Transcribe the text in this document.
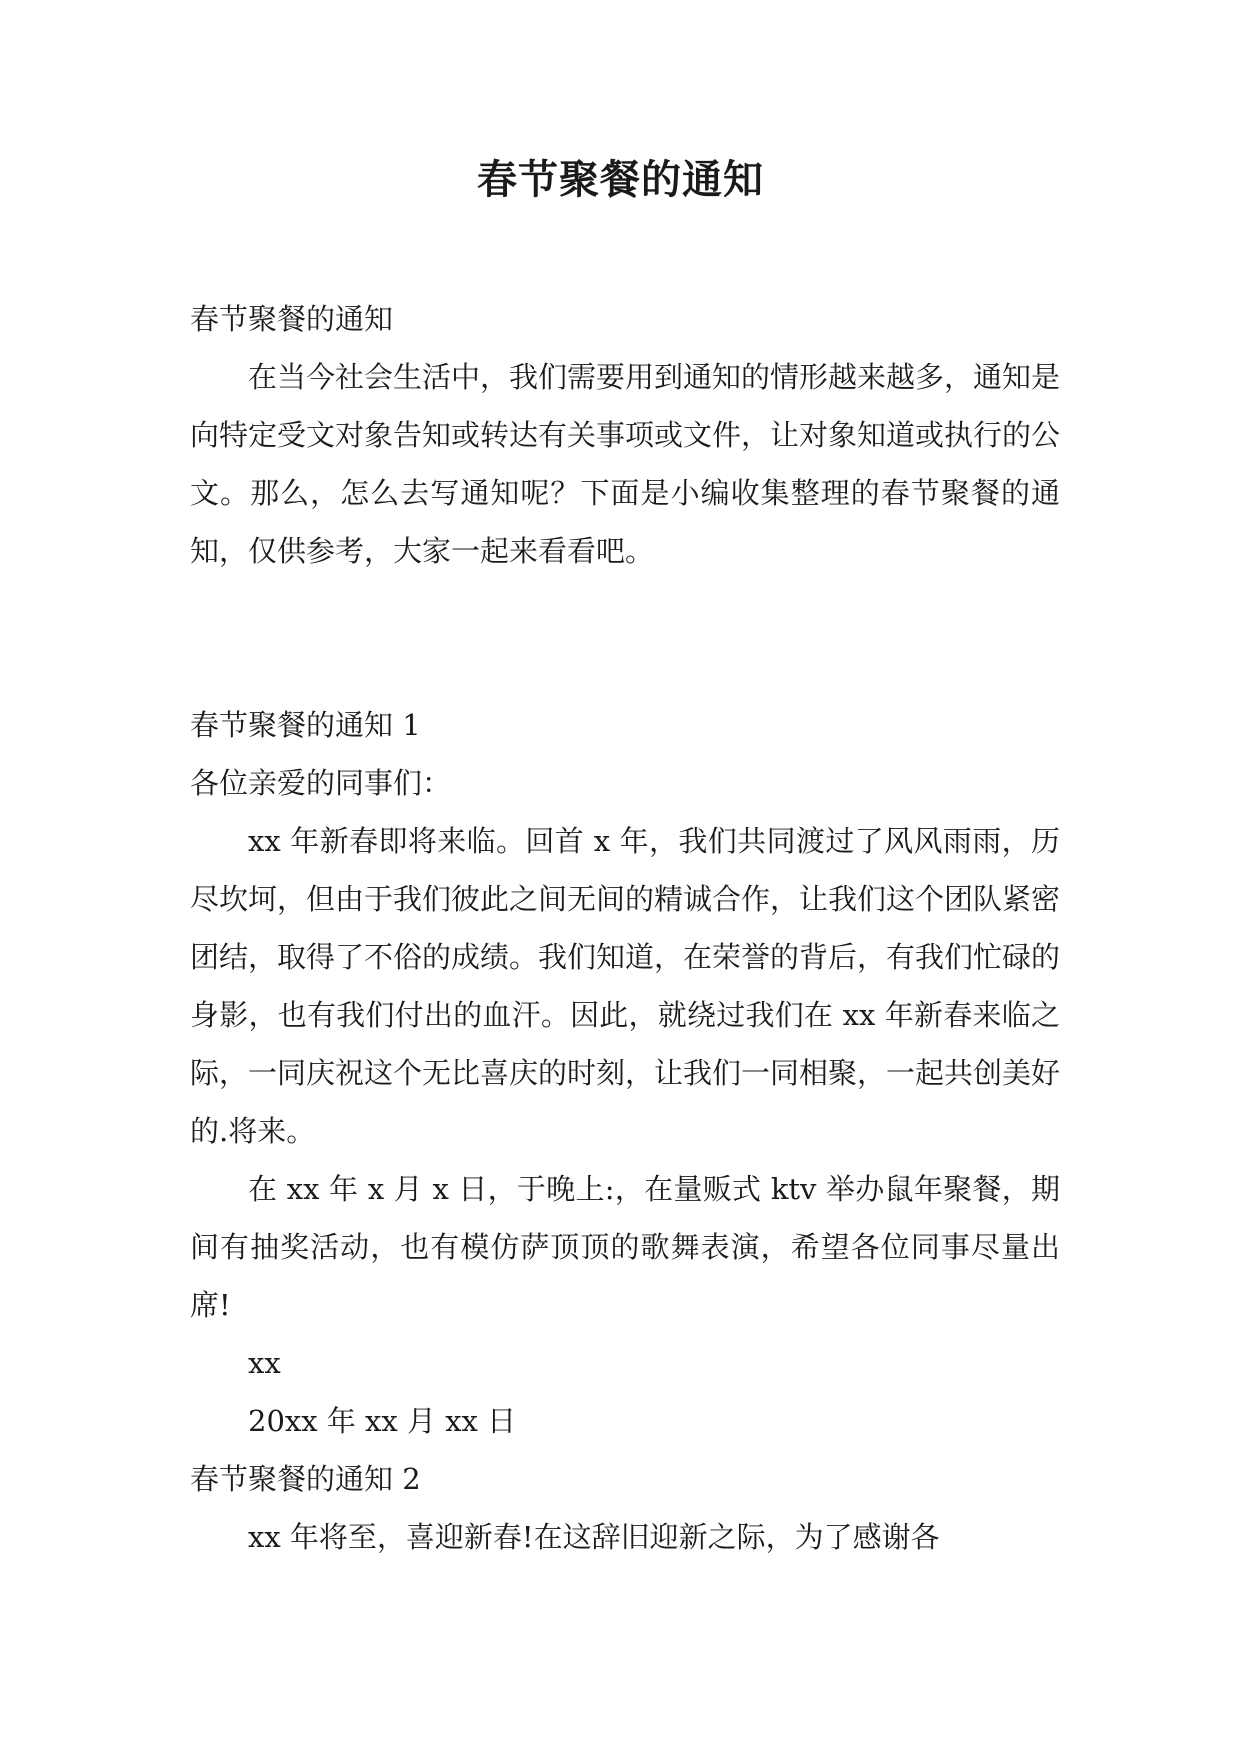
春节聚餐的通知

春节聚餐的通知

在当今社会生活中，我们需要用到通知的情形越来越多，通知是向特定受文对象告知或转达有关事项或文件，让对象知道或执行的公文。那么，怎么去写通知呢？下面是小编收集整理的春节聚餐的通知，仅供参考，大家一起来看看吧。

春节聚餐的通知 1

各位亲爱的同事们：

xx 年新春即将来临。回首 x 年，我们共同渡过了风风雨雨，历尽坎坷，但由于我们彼此之间无间的精诚合作，让我们这个团队紧密团结，取得了不俗的成绩。我们知道，在荣誉的背后，有我们忙碌的身影，也有我们付出的血汗。因此，就绕过我们在 xx 年新春来临之际，一同庆祝这个无比喜庆的时刻，让我们一同相聚，一起共创美好的.将来。

在 xx 年 x 月 x 日，于晚上:，在量贩式 ktv 举办鼠年聚餐，期间有抽奖活动，也有模仿萨顶顶的歌舞表演，希望各位同事尽量出席!

xx

20xx 年 xx 月 xx 日

春节聚餐的通知 2

xx 年将至，喜迎新春!在这辞旧迎新之际，为了感谢各
